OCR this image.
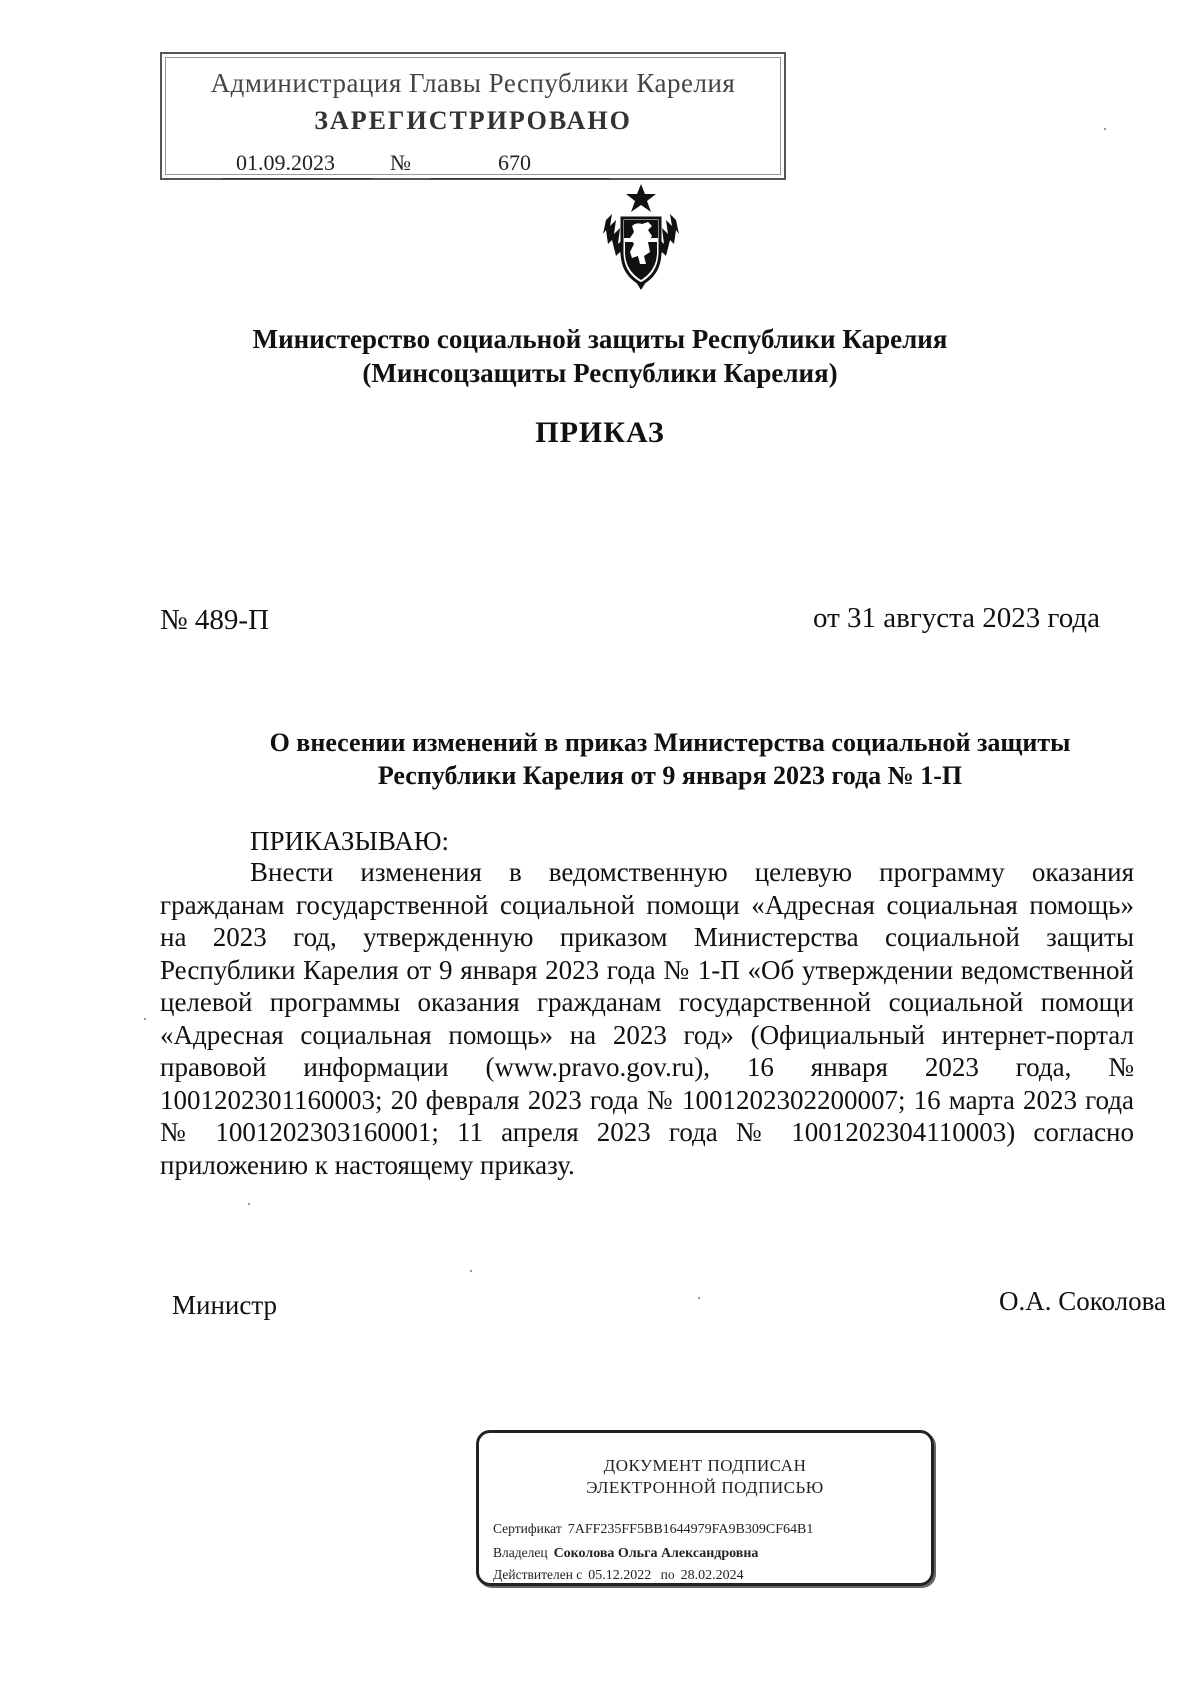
Администрация Главы Республики Карелия
ЗАРЕГИСТРИРОВАНО
01.09.2023	№	670
Министерство социальной защиты Республики Карелия
(Минсоцзащиты Республики Карелия)
ПРИКАЗ
№ 489-П	от 31 августа 2023 года
О внесении изменений в приказ Министерства социальной защиты
Республики Карелия от 9 января 2023 года № 1-П
ПРИКАЗЫВАЮ:
Внести изменения в ведомственную целевую программу оказания гражданам государственной социальной помощи «Адресная социальная помощь» на 2023 год, утвержденную приказом Министерства социальной защиты Республики Карелия от 9 января 2023 года № 1-П «Об утверждении ведомственной целевой программы оказания гражданам государственной социальной помощи «Адресная социальная помощь» на 2023 год» (Официальный интернет-портал правовой информации (www.pravo.gov.ru), 16 января 2023 года, № 1001202301160003; 20 февраля 2023 года № 1001202302200007; 16 марта 2023 года № 1001202303160001; 11 апреля 2023 года № 1001202304110003) согласно приложению к настоящему приказу.
Министр	О.А. Соколова
ДОКУМЕНТ ПОДПИСАН
ЭЛЕКТРОННОЙ ПОДПИСЬЮ
Сертификат 7AFF235FF5BB1644979FA9B309CF64B1
Владелец Соколова Ольга Александровна
Действителен с 05.12.2022 по 28.02.2024
